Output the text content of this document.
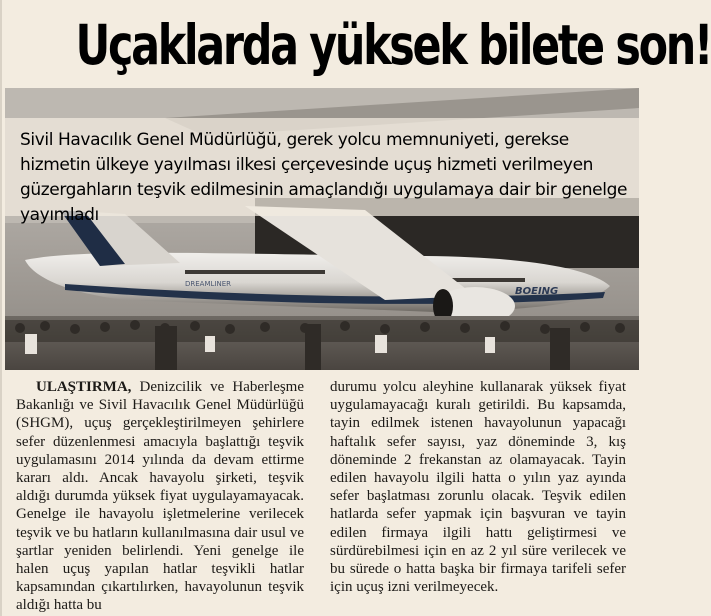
Uçaklarda yüksek bilete son!
BOEING
DREAMLINER
Sivil Havacılık Genel Müdürlüğü, gerek yolcu memnuniyeti, gerekse hizmetin ülkeye yayılması ilkesi çerçevesinde uçuş hizmeti verilmeyen güzergahların teşvik edilmesinin amaçlandığı uygulamaya dair bir genelge yayımladı
ULAŞTIRMA, Denizcilik ve Haberleşme Bakanlığı ve Sivil Havacılık Genel Müdürlüğü (SHGM), uçuş gerçekleştirilmeyen şehirlere sefer düzenlenmesi amacıyla başlattığı teşvik uygulamasını 2014 yılında da devam ettirme kararı aldı. Ancak havayolu şirketi, teşvik aldığı durumda yüksek fiyat uygulayamayacak. Genelge ile havayolu işletmelerine verilecek teşvik ve bu hatların kullanılmasına dair usul ve şartlar yeniden belirlendi. Yeni genelge ile halen uçuş yapılan hatlar teşvikli hatlar kapsamından çıkartılırken, havayolunun teşvik aldığı hatta bu
durumu yolcu aleyhine kullanarak yüksek fiyat uygulamayacağı kuralı getirildi. Bu kapsamda, tayin edilmek istenen havayolunun yapacağı haftalık sefer sayısı, yaz döneminde 3, kış döneminde 2 frekanstan az olamayacak. Tayin edilen havayolu ilgili hatta o yılın yaz ayında sefer başlatması zorunlu olacak. Teşvik edilen hatlarda sefer yapmak için başvuran ve tayin edilen firmaya ilgili hattı geliştirmesi ve sürdürebilmesi için en az 2 yıl süre verilecek ve bu sürede o hatta başka bir firmaya tarifeli sefer için uçuş izni verilmeyecek.
